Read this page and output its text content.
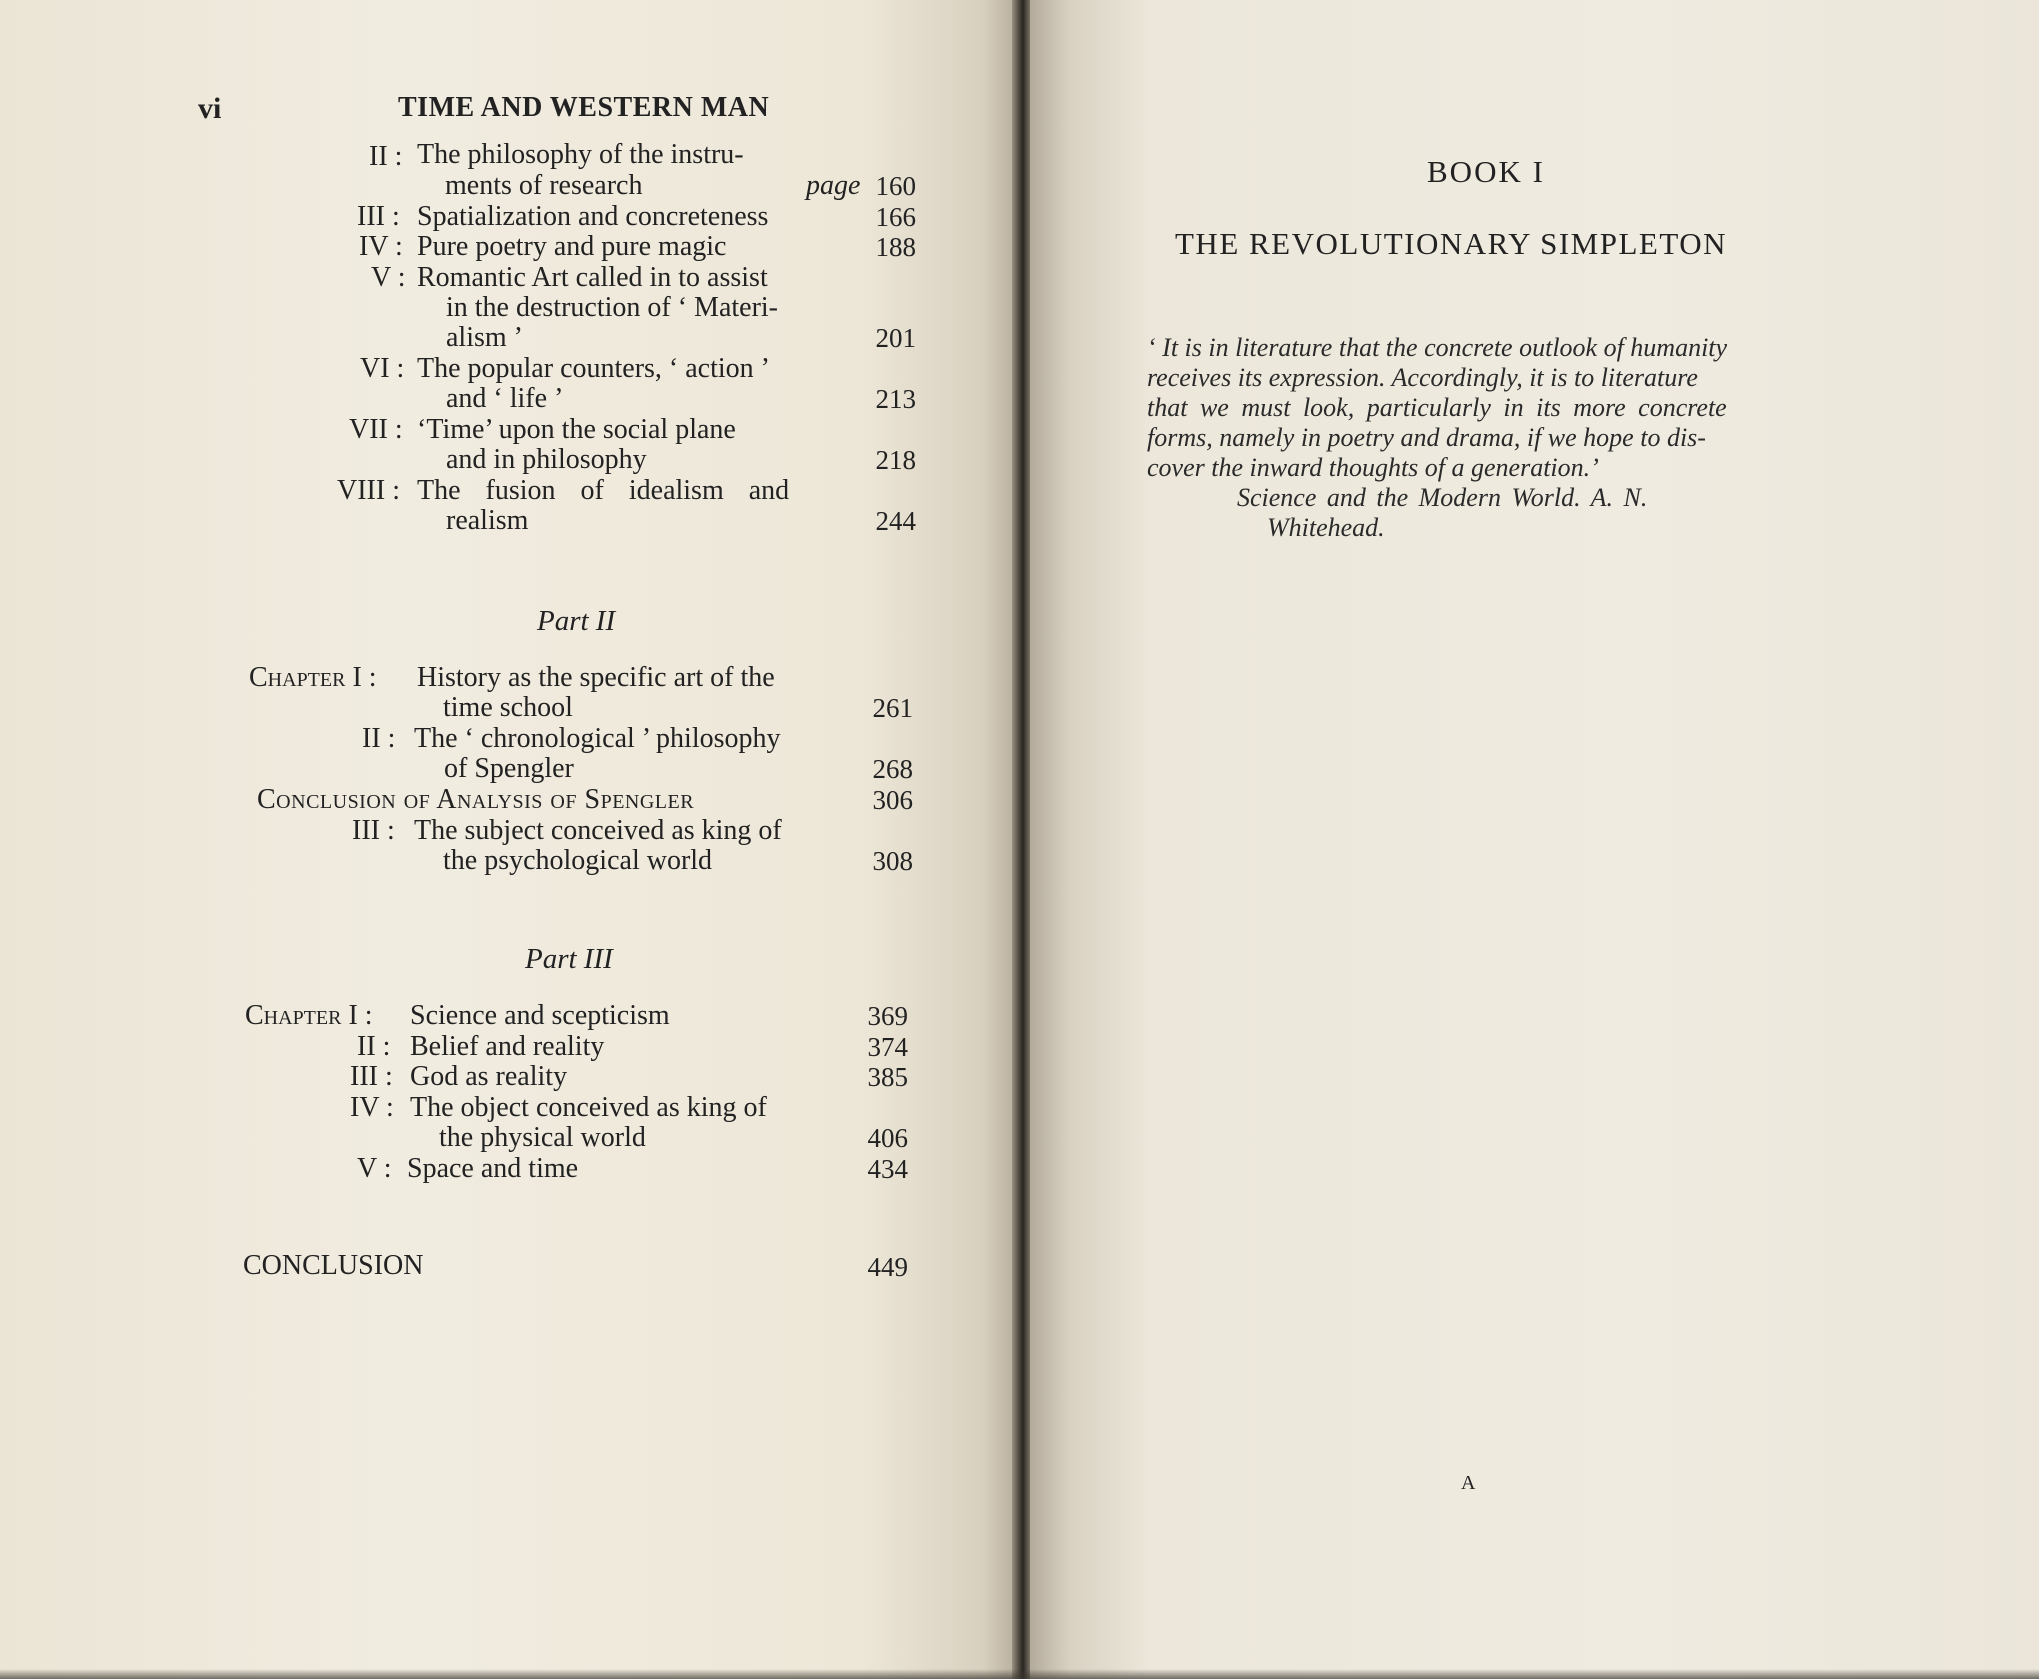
vi	TIME AND WESTERN MAN
II : The philosophy of the instru-
ments of research	page 160
III : Spatialization and concreteness	166
IV : Pure poetry and pure magic	188
V : Romantic Art called in to assist
in the destruction of ‘ Materi-
alism ’	201
VI : The popular counters, ‘ action ’
and ‘ life ’	213
VII : ‘Time’ upon the social plane
and in philosophy	218
VIII : The fusion of idealism and
realism	244
Part II
Chapter I : History as the specific art of the
time school	261
II : The ‘ chronological ’ philosophy
of Spengler	268
Conclusion of Analysis of Spengler	306
III : The subject conceived as king of
the psychological world	308
Part III
Chapter I : Science and scepticism	369
II : Belief and reality	374
III : God as reality	385
IV : The object conceived as king of
the physical world	406
V : Space and time	434
CONCLUSION	449
BOOK I
THE REVOLUTIONARY SIMPLETON
‘ It is in literature that the concrete outlook of humanity
receives its expression. Accordingly, it is to literature
that we must look, particularly in its more concrete
forms, namely in poetry and drama, if we hope to dis-
cover the inward thoughts of a generation.’
Science and the Modern World. A. N.
Whitehead.
A
